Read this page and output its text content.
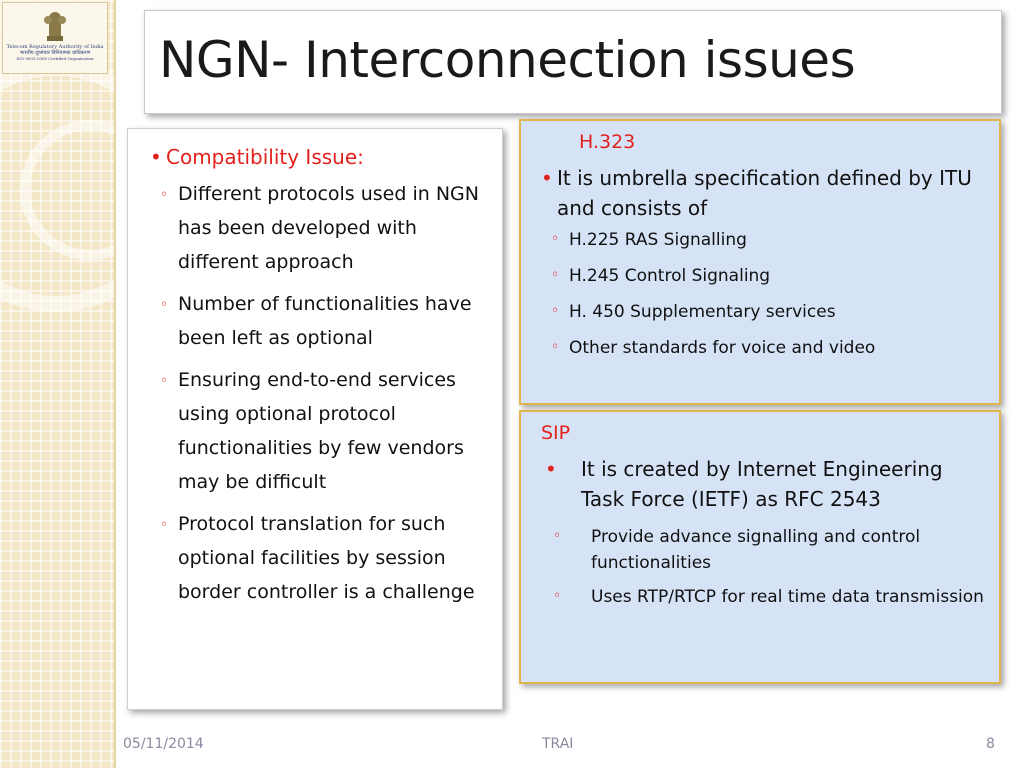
Telecom Regulatory Authority of India
भारतीय दूरसंचार विनियामक प्राधिकरण
ISO 9001:2008 Certified Organisation NGN- Interconnection issues

• Compatibility Issue:

◦ Different protocols used in NGN has been developed with different approach

◦ Number of functionalities have been left as optional

◦ Ensuring end-to-end services using optional protocol functionalities by few vendors may be difficult

◦ Protocol translation for such optional facilities by session border controller is a challenge

H.323

• It is umbrella specification defined by ITU and consists of

◦ H.225 RAS Signalling

◦ H.245 Control Signaling

◦ H. 450 Supplementary services

◦ Other standards for voice and video

SIP

• It is created by Internet Engineering Task Force (IETF) as RFC 2543

◦ Provide advance signalling and control functionalities

◦ Uses RTP/RTCP for real time data transmission

05/11/2014	TRAI	8
